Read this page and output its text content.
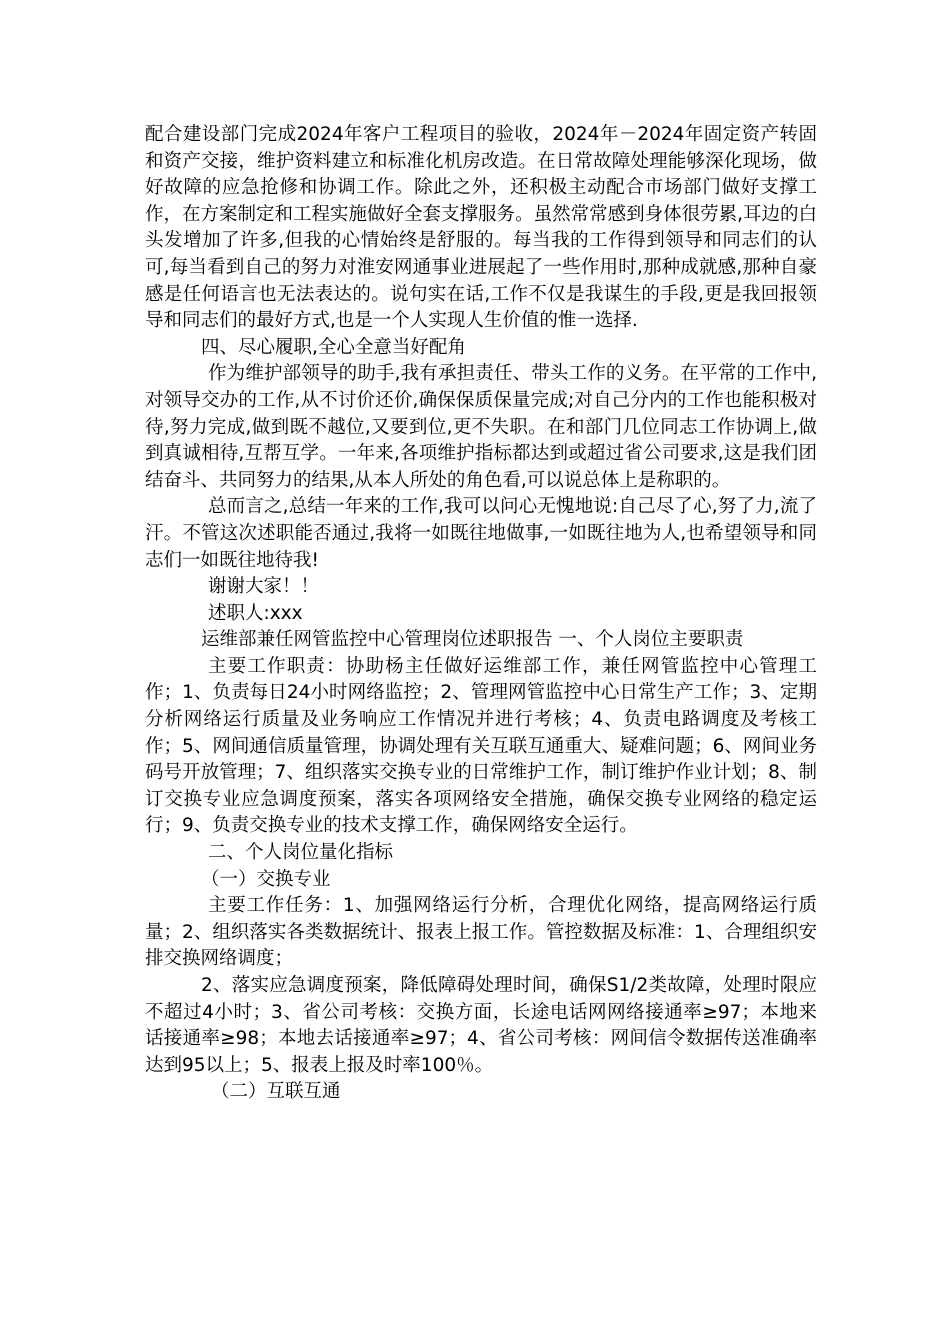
配合建设部门完成2024年客户工程项目的验收，2024年－2024年固定资产转固和资产交接，维护资料建立和标准化机房改造。在日常故障处理能够深化现场，做好故障的应急抢修和协调工作。除此之外，还积极主动配合市场部门做好支撑工作，在方案制定和工程实施做好全套支撑服务。虽然常常感到身体很劳累,耳边的白头发增加了许多,但我的心情始终是舒服的。每当我的工作得到领导和同志们的认可,每当看到自己的努力对淮安网通事业进展起了一些作用时,那种成就感,那种自豪感是任何语言也无法表达的。说句实在话,工作不仅是我谋生的手段,更是我回报领导和同志们的最好方式,也是一个人实现人生价值的惟一选择.

四、尽心履职,全心全意当好配角

作为维护部领导的助手,我有承担责任、带头工作的义务。在平常的工作中,对领导交办的工作,从不讨价还价,确保保质保量完成;对自己分内的工作也能积极对待,努力完成,做到既不越位,又要到位,更不失职。在和部门几位同志工作协调上,做到真诚相待,互帮互学。一年来,各项维护指标都达到或超过省公司要求,这是我们团结奋斗、共同努力的结果,从本人所处的角色看,可以说总体上是称职的。

总而言之,总结一年来的工作,我可以问心无愧地说:自己尽了心,努了力,流了汗。不管这次述职能否通过,我将一如既往地做事,一如既往地为人,也希望领导和同志们一如既往地待我!

谢谢大家！！

述职人:xxx

运维部兼任网管监控中心管理岗位述职报告 一、个人岗位主要职责

主要工作职责：协助杨主任做好运维部工作，兼任网管监控中心管理工作；1、负责每日24小时网络监控；2、管理网管监控中心日常生产工作；3、定期分析网络运行质量及业务响应工作情况并进行考核；4、负责电路调度及考核工作；5、网间通信质量管理，协调处理有关互联互通重大、疑难问题；6、网间业务码号开放管理；7、组织落实交换专业的日常维护工作，制订维护作业计划；8、制订交换专业应急调度预案，落实各项网络安全措施，确保交换专业网络的稳定运行；9、负责交换专业的技术支撑工作，确保网络安全运行。

二、个人岗位量化指标

（一）交换专业

主要工作任务：1、加强网络运行分析，合理优化网络，提高网络运行质量；2、组织落实各类数据统计、报表上报工作。管控数据及标准：1、合理组织安排交换网络调度；

2、落实应急调度预案，降低障碍处理时间，确保S1/2类故障，处理时限应不超过4小时；3、省公司考核：交换方面，长途电话网网络接通率≥97；本地来话接通率≥98；本地去话接通率≥97；4、省公司考核：网间信令数据传送准确率达到95以上；5、报表上报及时率100％。

（二）互联互通
